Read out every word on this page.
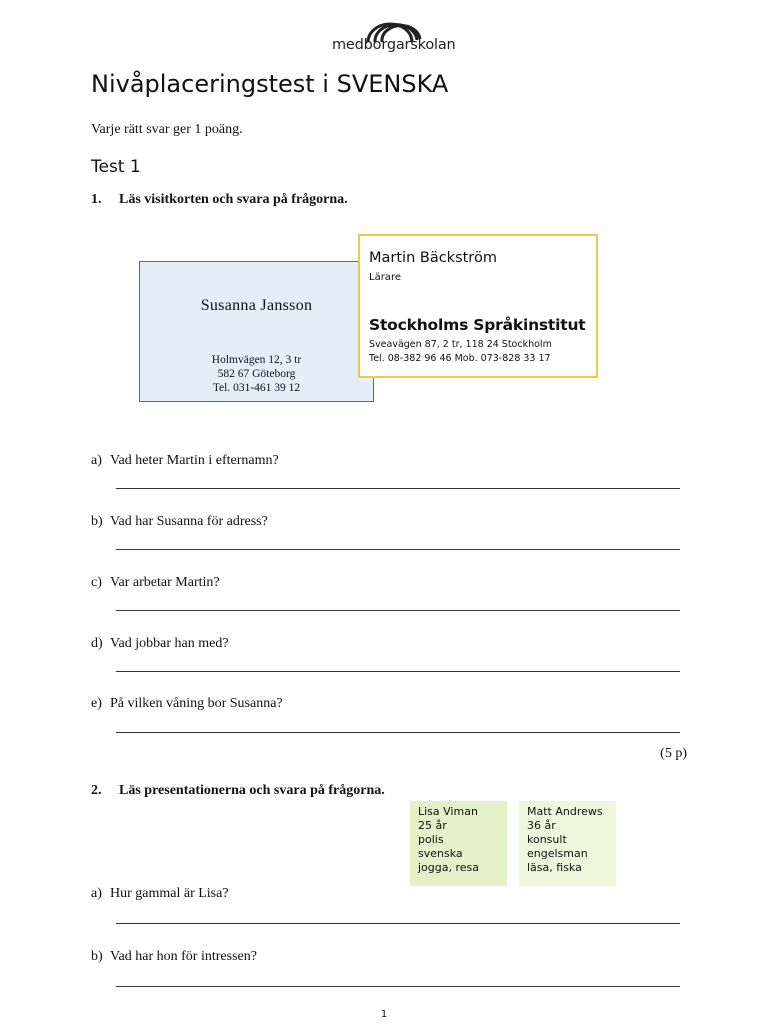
medborgarskolan
Nivåplaceringstest i SVENSKA
Varje rätt svar ger 1 poäng.
Test 1
1. Läs visitkorten och svara på frågorna.
Susanna Jansson
Holmvägen 12, 3 tr
582 67 Göteborg
Tel. 031-461 39 12
Martin Bäckström
Lärare
Stockholms Språkinstitut
Sveavägen 87, 2 tr, 118 24 Stockholm
Tel. 08-382 96 46 Mob. 073-828 33 17
a) Vad heter Martin i efternamn?
b) Vad har Susanna för adress?
c) Var arbetar Martin?
d) Vad jobbar han med?
e) På vilken våning bor Susanna?
(5 p)
2. Läs presentationerna och svara på frågorna.
Lisa Viman
25 år
polis
svenska
jogga, resa
Matt Andrews
36 år
konsult
engelsman
läsa, fiska
a) Hur gammal är Lisa?
b) Vad har hon för intressen?
1
